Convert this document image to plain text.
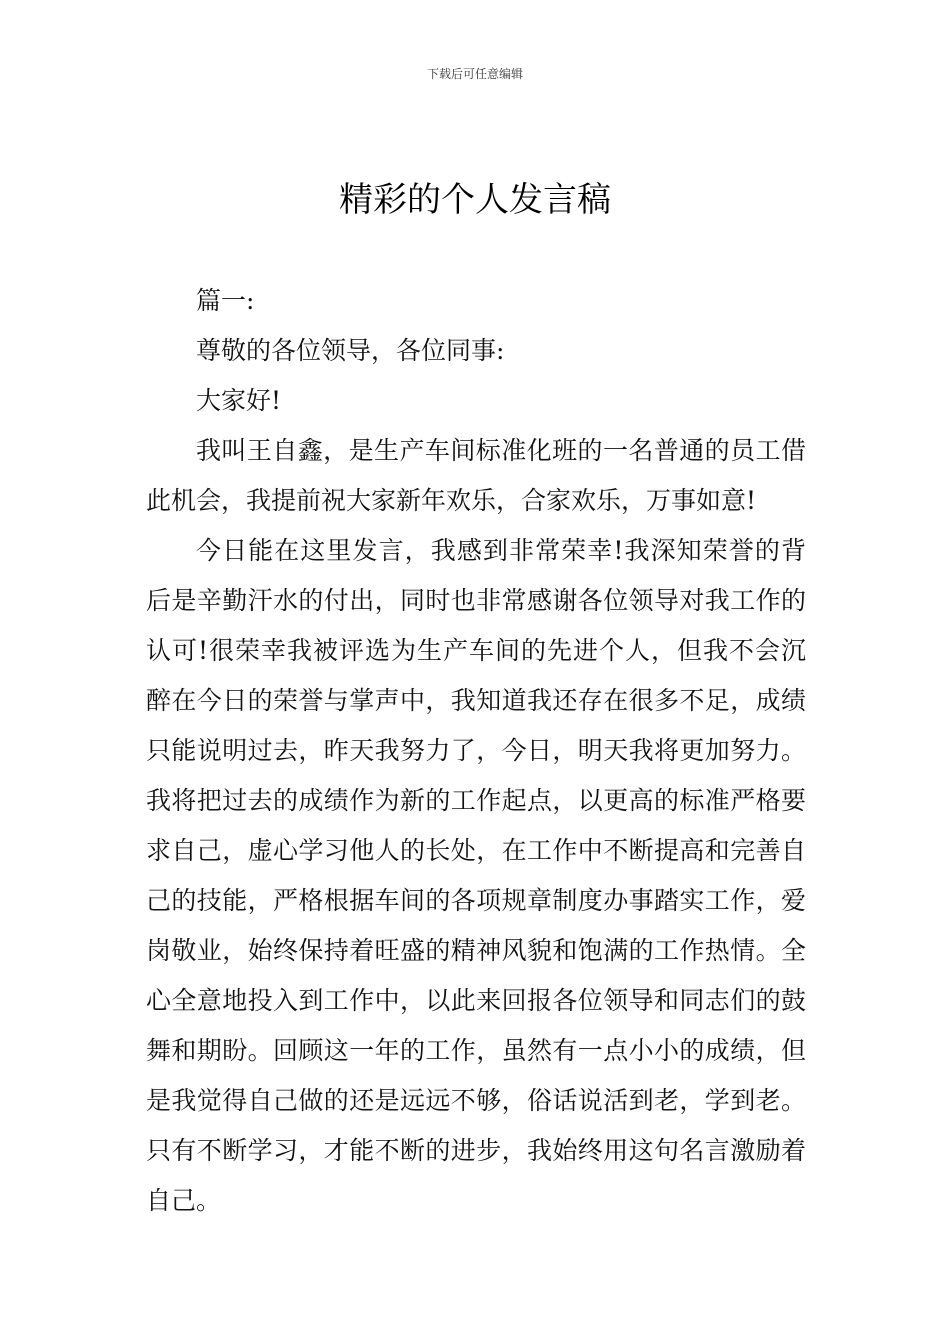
下载后可任意编辑
精彩的个人发言稿

篇一:

尊敬的各位领导，各位同事:

大家好!

我叫王自鑫，是生产车间标准化班的一名普通的员工借此机会，我提前祝大家新年欢乐，合家欢乐，万事如意!

今日能在这里发言，我感到非常荣幸!我深知荣誉的背后是辛勤汗水的付出，同时也非常感谢各位领导对我工作的认可!很荣幸我被评选为生产车间的先进个人，但我不会沉醉在今日的荣誉与掌声中，我知道我还存在很多不足，成绩只能说明过去，昨天我努力了，今日，明天我将更加努力。我将把过去的成绩作为新的工作起点，以更高的标准严格要求自己，虚心学习他人的长处，在工作中不断提高和完善自己的技能，严格根据车间的各项规章制度办事踏实工作，爱岗敬业，始终保持着旺盛的精神风貌和饱满的工作热情。全心全意地投入到工作中，以此来回报各位领导和同志们的鼓舞和期盼。回顾这一年的工作，虽然有一点小小的成绩，但是我觉得自己做的还是远远不够，俗话说活到老，学到老。只有不断学习，才能不断的进步，我始终用这句名言激励着自己。
